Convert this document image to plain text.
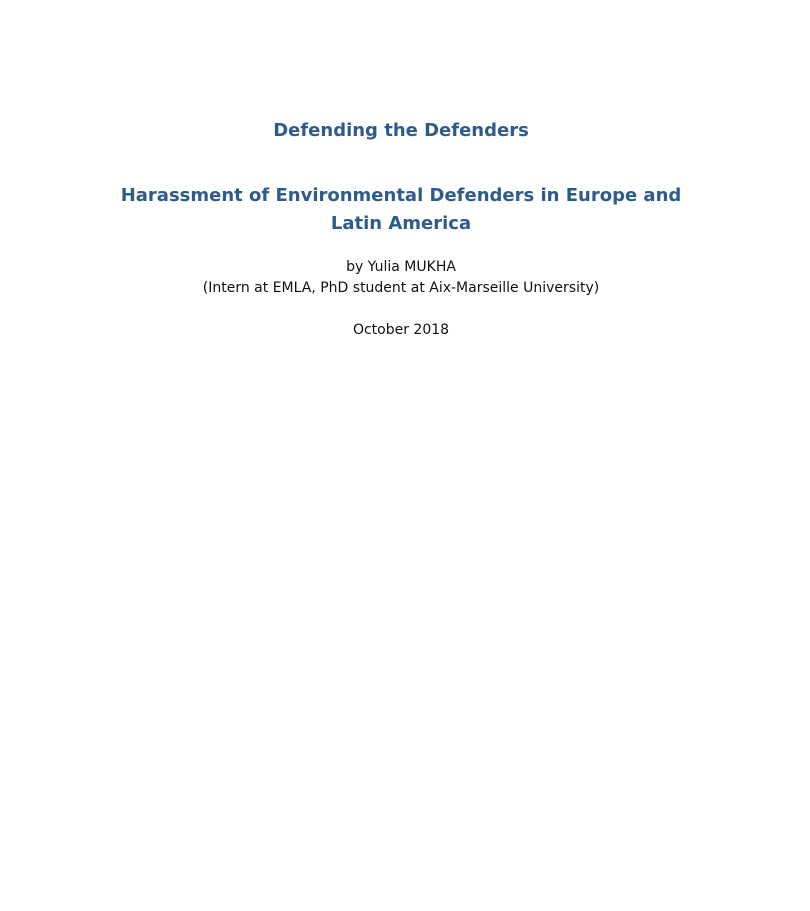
Defending the Defenders
Harassment of Environmental Defenders in Europe and Latin America
by Yulia MUKHA
(Intern at EMLA, PhD student at Aix-Marseille University)
October 2018
